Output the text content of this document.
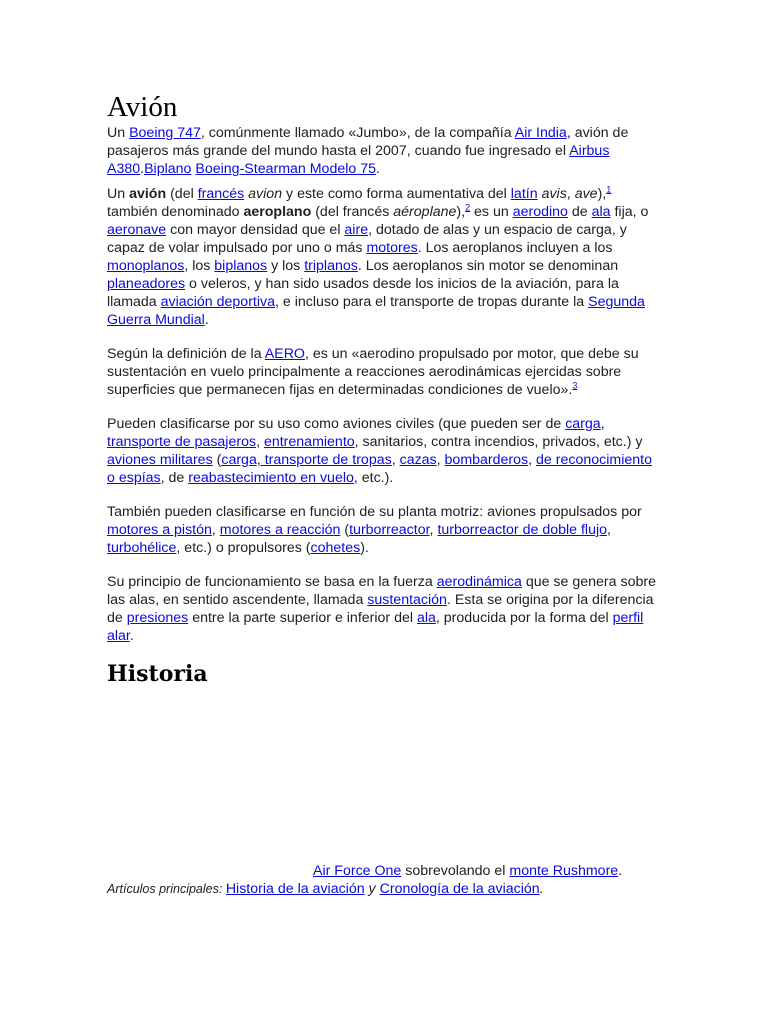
Avión

Un Boeing 747, comúnmente llamado «Jumbo», de la compañía Air India, avión de pasajeros más grande del mundo hasta el 2007, cuando fue ingresado el Airbus A380.Biplano Boeing-Stearman Modelo 75.

Un avión (del francés avion y este como forma aumentativa del latín avis, ave),$^1$ también denominado aeroplano (del francés aéroplane),$^2$ es un aerodino de ala fija, o aeronave con mayor densidad que el aire, dotado de alas y un espacio de carga, y capaz de volar impulsado por uno o más motores. Los aeroplanos incluyen a los monoplanos, los biplanos y los triplanos. Los aeroplanos sin motor se denominan planeadores o veleros, y han sido usados desde los inicios de la aviación, para la llamada aviación deportiva, e incluso para el transporte de tropas durante la Segunda Guerra Mundial.

Según la definición de la AERO, es un «aerodino propulsado por motor, que debe su sustentación en vuelo principalmente a reacciones aerodinámicas ejercidas sobre superficies que permanecen fijas en determinadas condiciones de vuelo».$^3$

Pueden clasificarse por su uso como aviones civiles (que pueden ser de carga, transporte de pasajeros, entrenamiento, sanitarios, contra incendios, privados, etc.) y aviones militares (carga, transporte de tropas, cazas, bombarderos, de reconocimiento o espías, de reabastecimiento en vuelo, etc.).

También pueden clasificarse en función de su planta motriz: aviones propulsados por motores a pistón, motores a reacción (turborreactor, turborreactor de doble flujo, turbohélice, etc.) o propulsores (cohetes).

Su principio de funcionamiento se basa en la fuerza aerodinámica que se genera sobre las alas, en sentido ascendente, llamada sustentación. Esta se origina por la diferencia de presiones entre la parte superior e inferior del ala, producida por la forma del perfil alar.

Historia
Air Force One sobrevolando el monte Rushmore.
Artículos principales: Historia de la aviación y Cronología de la aviación.
